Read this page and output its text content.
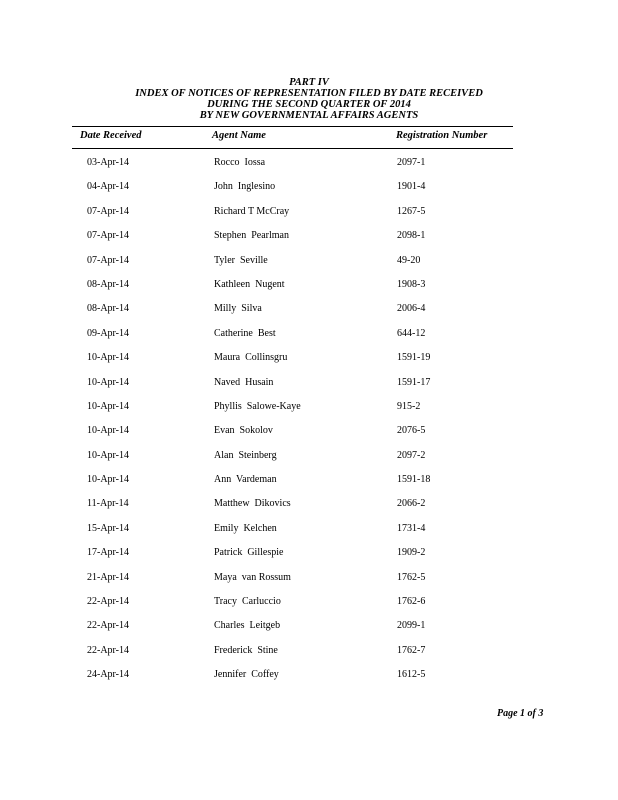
PART IV
INDEX OF NOTICES OF REPRESENTATION FILED BY DATE RECEIVED
DURING THE SECOND QUARTER OF 2014
BY NEW GOVERNMENTAL AFFAIRS AGENTS
Date Received	Agent Name	Registration Number
03-Apr-14	Rocco  Iossa	2097-1
04-Apr-14	John  Inglesino	1901-4
07-Apr-14	Richard T McCray	1267-5
07-Apr-14	Stephen  Pearlman	2098-1
07-Apr-14	Tyler  Seville	49-20
08-Apr-14	Kathleen  Nugent	1908-3
08-Apr-14	Milly  Silva	2006-4
09-Apr-14	Catherine  Best	644-12
10-Apr-14	Maura  Collinsgru	1591-19
10-Apr-14	Naved  Husain	1591-17
10-Apr-14	Phyllis  Salowe-Kaye	915-2
10-Apr-14	Evan  Sokolov	2076-5
10-Apr-14	Alan  Steinberg	2097-2
10-Apr-14	Ann  Vardeman	1591-18
11-Apr-14	Matthew  Dikovics	2066-2
15-Apr-14	Emily  Kelchen	1731-4
17-Apr-14	Patrick  Gillespie	1909-2
21-Apr-14	Maya  van Rossum	1762-5
22-Apr-14	Tracy  Carluccio	1762-6
22-Apr-14	Charles  Leitgeb	2099-1
22-Apr-14	Frederick  Stine	1762-7
24-Apr-14	Jennifer  Coffey	1612-5
Page 1 of 3
